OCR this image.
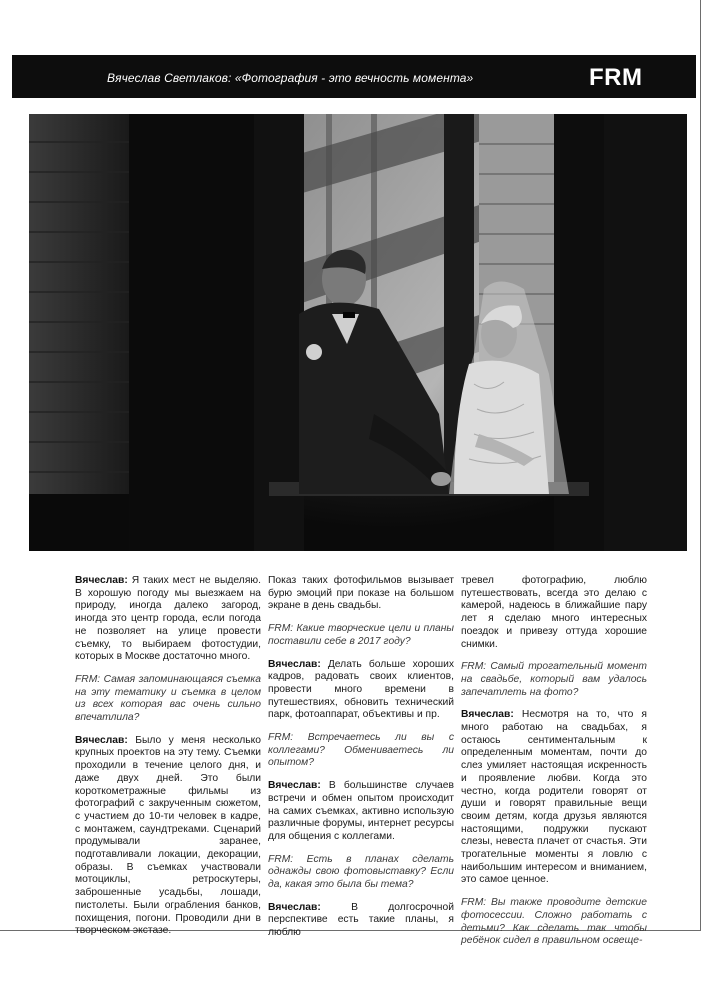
Вячеслав Светлаков: «Фотография - это вечность момента»	FRM

Вячеслав: Я таких мест не выделяю. В хорошую погоду мы выезжаем на природу, иногда далеко загород, иногда это центр города, если погода не позволяет на улице провести съемку, то выбираем фотостудии, которых в Москве достаточно много.

FRM: Самая запоминающаяся съемка на эту тематику и съемка в целом из всех которая вас очень сильно впечатлила?

Вячеслав: Было у меня несколько крупных проектов на эту тему. Съемки проходили в течение целого дня, и даже двух дней. Это были короткометражные фильмы из фотографий с закрученным сюжетом, с участием до 10-ти человек в кадре, с монтажем, саундтреками. Сценарий продумывали заранее, подготавливали локации, декорации, образы. В съемках участвовали мотоциклы, ретроскутеры, заброшенные усадьбы, лошади, пистолеты. Были ограбления банков, похищения, погони. Проводили дни в творческом экстазе.

Показ таких фотофильмов вызывает бурю эмоций при показе на большом экране в день свадьбы.

FRM: Какие творческие цели и планы поставили себе в 2017 году?

Вячеслав: Делать больше хороших кадров, радовать своих клиентов, провести много времени в путешествиях, обновить технический парк, фотоаппарат, объективы и пр.

FRM: Встречаетесь ли вы с коллегами? Обмениваетесь ли опытом?

Вячеслав: В большинстве случаев встречи и обмен опытом происходит на самих съемках, активно использую различные форумы, интернет ресурсы для общения с коллегами.

FRM: Есть в планах сделать однажды свою фотовыставку? Если да, какая это была бы тема?

Вячеслав:	В долгосрочной перспективе есть такие планы, я люблю

тревел фотографию, люблю путешествовать, всегда это делаю с камерой, надеюсь в ближайшие пару лет я сделаю много интересных поездок и привезу оттуда хорошие снимки.

FRM: Самый трогательный момент на свадьбе, который вам удалось запечатлеть на фото?

Вячеслав: Несмотря на то, что я много работаю на свадьбах, я остаюсь сентиментальным к определенным моментам, почти до слез умиляет настоящая искренность и проявление любви. Когда это честно, когда родители говорят от души и говорят правильные вещи своим детям, когда друзья являются настоящими, подружки пускают слезы, невеста плачет от счастья. Эти трогательные моменты я ловлю с наибольшим интересом и вниманием, это самое ценное.

FRM: Вы также проводите детские фотосессии. Сложно работать с детьми? Как сделать так чтобы ребёнок сидел в правильном освеще-
